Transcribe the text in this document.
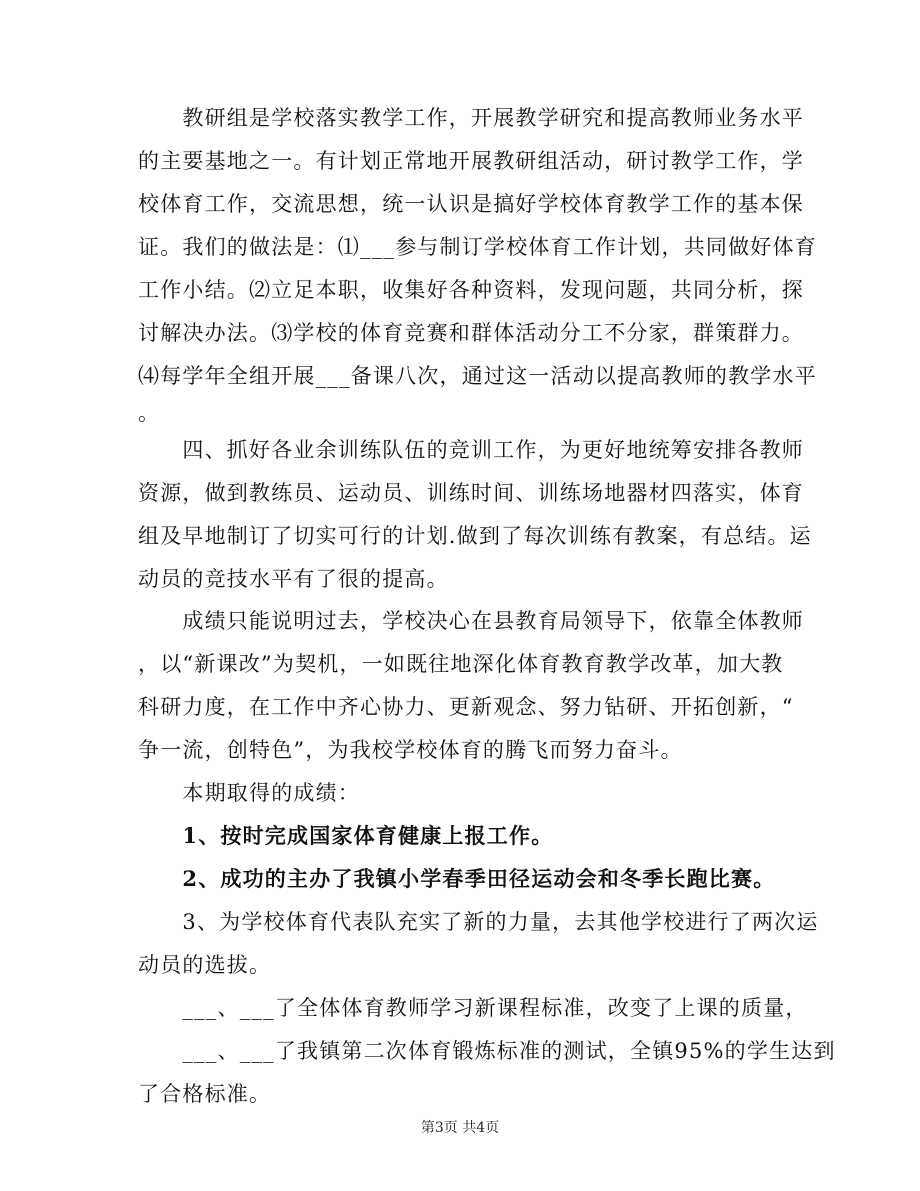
　　教研组是学校落实教学工作，开展教学研究和提高教师业务水平
的主要基地之一。有计划正常地开展教研组活动，研讨教学工作，学
校体育工作，交流思想，统一认识是搞好学校体育教学工作的基本保
证。我们的做法是：⑴___参与制订学校体育工作计划，共同做好体育
工作小结。⑵立足本职，收集好各种资料，发现问题，共同分析，探
讨解决办法。⑶学校的体育竞赛和群体活动分工不分家，群策群力。
⑷每学年全组开展___备课八次，通过这一活动以提高教师的教学水平
。
　　四、抓好各业余训练队伍的竞训工作，为更好地统筹安排各教师
资源，做到教练员、运动员、训练时间、训练场地器材四落实，体育
组及早地制订了切实可行的计划.做到了每次训练有教案，有总结。运
动员的竞技水平有了很的提高。
　　成绩只能说明过去，学校决心在县教育局领导下，依靠全体教师
，以“新课改”为契机，一如既往地深化体育教育教学改革，加大教
科研力度，在工作中齐心协力、更新观念、努力钻研、开拓创新，“
争一流，创特色”，为我校学校体育的腾飞而努力奋斗。
　　本期取得的成绩：
　　1、按时完成国家体育健康上报工作。
　　2、成功的主办了我镇小学春季田径运动会和冬季长跑比赛。
　　3、为学校体育代表队充实了新的力量，去其他学校进行了两次运
动员的选拔。
　　___、___了全体体育教师学习新课程标准，改变了上课的质量，
　　___、___了我镇第二次体育锻炼标准的测试，全镇95%的学生达到
了合格标准。
第3页 共4页
